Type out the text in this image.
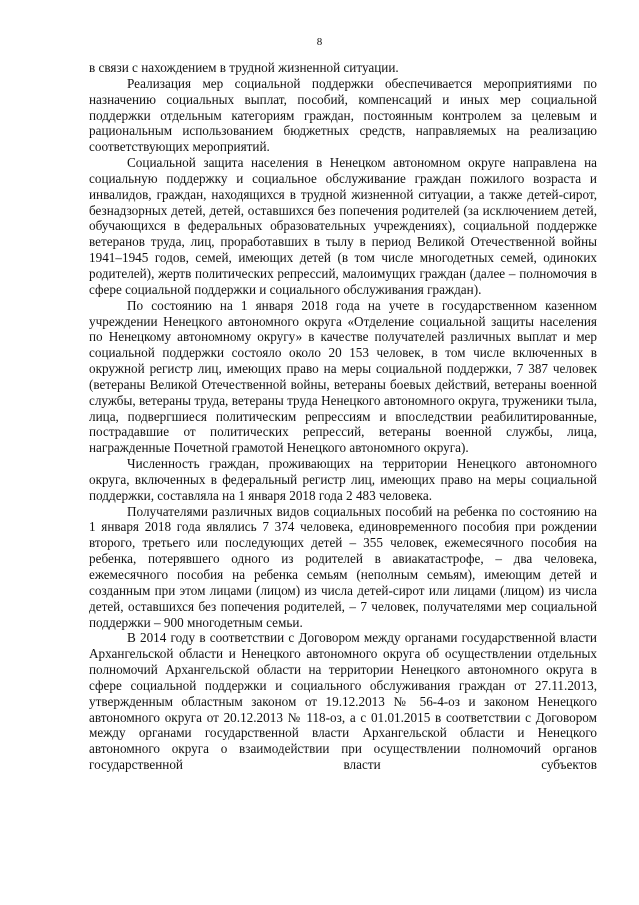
8

в связи с нахождением в трудной жизненной ситуации.

Реализация мер социальной поддержки обеспечивается мероприятиями по назначению социальных выплат, пособий, компенсаций и иных мер социальной поддержки отдельным категориям граждан, постоянным контролем за целевым и рациональным использованием бюджетных средств, направляемых на реализацию соответствующих мероприятий.

Социальной защита населения в Ненецком автономном округе направлена на социальную поддержку и социальное обслуживание граждан пожилого возраста и инвалидов, граждан, находящихся в трудной жизненной ситуации, а также детей-сирот, безнадзорных детей, детей, оставшихся без попечения родителей (за исключением детей, обучающихся в федеральных образовательных учреждениях), социальной поддержке ветеранов труда, лиц, проработавших в тылу в период Великой Отечественной войны 1941–1945 годов, семей, имеющих детей (в том числе многодетных семей, одиноких родителей), жертв политических репрессий, малоимущих граждан (далее – полномочия в сфере социальной поддержки и социального обслуживания граждан).

По состоянию на 1 января 2018 года на учете в государственном казенном учреждении Ненецкого автономного округа «Отделение социальной защиты населения по Ненецкому автономному округу» в качестве получателей различных выплат и мер социальной поддержки состояло около 20 153 человек, в том числе включенных в окружной регистр лиц, имеющих право на меры социальной поддержки, 7 387 человек (ветераны Великой Отечественной войны, ветераны боевых действий, ветераны военной службы, ветераны труда, ветераны труда Ненецкого автономного округа, труженики тыла, лица, подвергшиеся политическим репрессиям и впоследствии реабилитированные, пострадавшие от политических репрессий, ветераны военной службы, лица, награжденные Почетной грамотой Ненецкого автономного округа).

Численность граждан, проживающих на территории Ненецкого автономного округа, включенных в федеральный регистр лиц, имеющих право на меры социальной поддержки, составляла на 1 января 2018 года 2 483 человека.

Получателями различных видов социальных пособий на ребенка по состоянию на 1 января 2018 года являлись 7 374 человека, единовременного пособия при рождении второго, третьего или последующих детей – 355 человек, ежемесячного пособия на ребенка, потерявшего одного из родителей в авиакатастрофе, – два человека, ежемесячного пособия на ребенка семьям (неполным семьям), имеющим детей и созданным при этом лицами (лицом) из числа детей-сирот или лицами (лицом) из числа детей, оставшихся без попечения родителей, – 7 человек, получателями мер социальной поддержки – 900 многодетным семьи.

В 2014 году в соответствии с Договором между органами государственной власти Архангельской области и Ненецкого автономного округа об осуществлении отдельных полномочий Архангельской области на территории Ненецкого автономного округа в сфере социальной поддержки и социального обслуживания граждан от 27.11.2013, утвержденным областным законом от 19.12.2013 № 56-4-оз и законом Ненецкого автономного округа от 20.12.2013 № 118-оз, а с 01.01.2015 в соответствии с Договором между органами государственной власти Архангельской области и Ненецкого автономного округа о взаимодействии при осуществлении полномочий органов государственной власти субъектов
